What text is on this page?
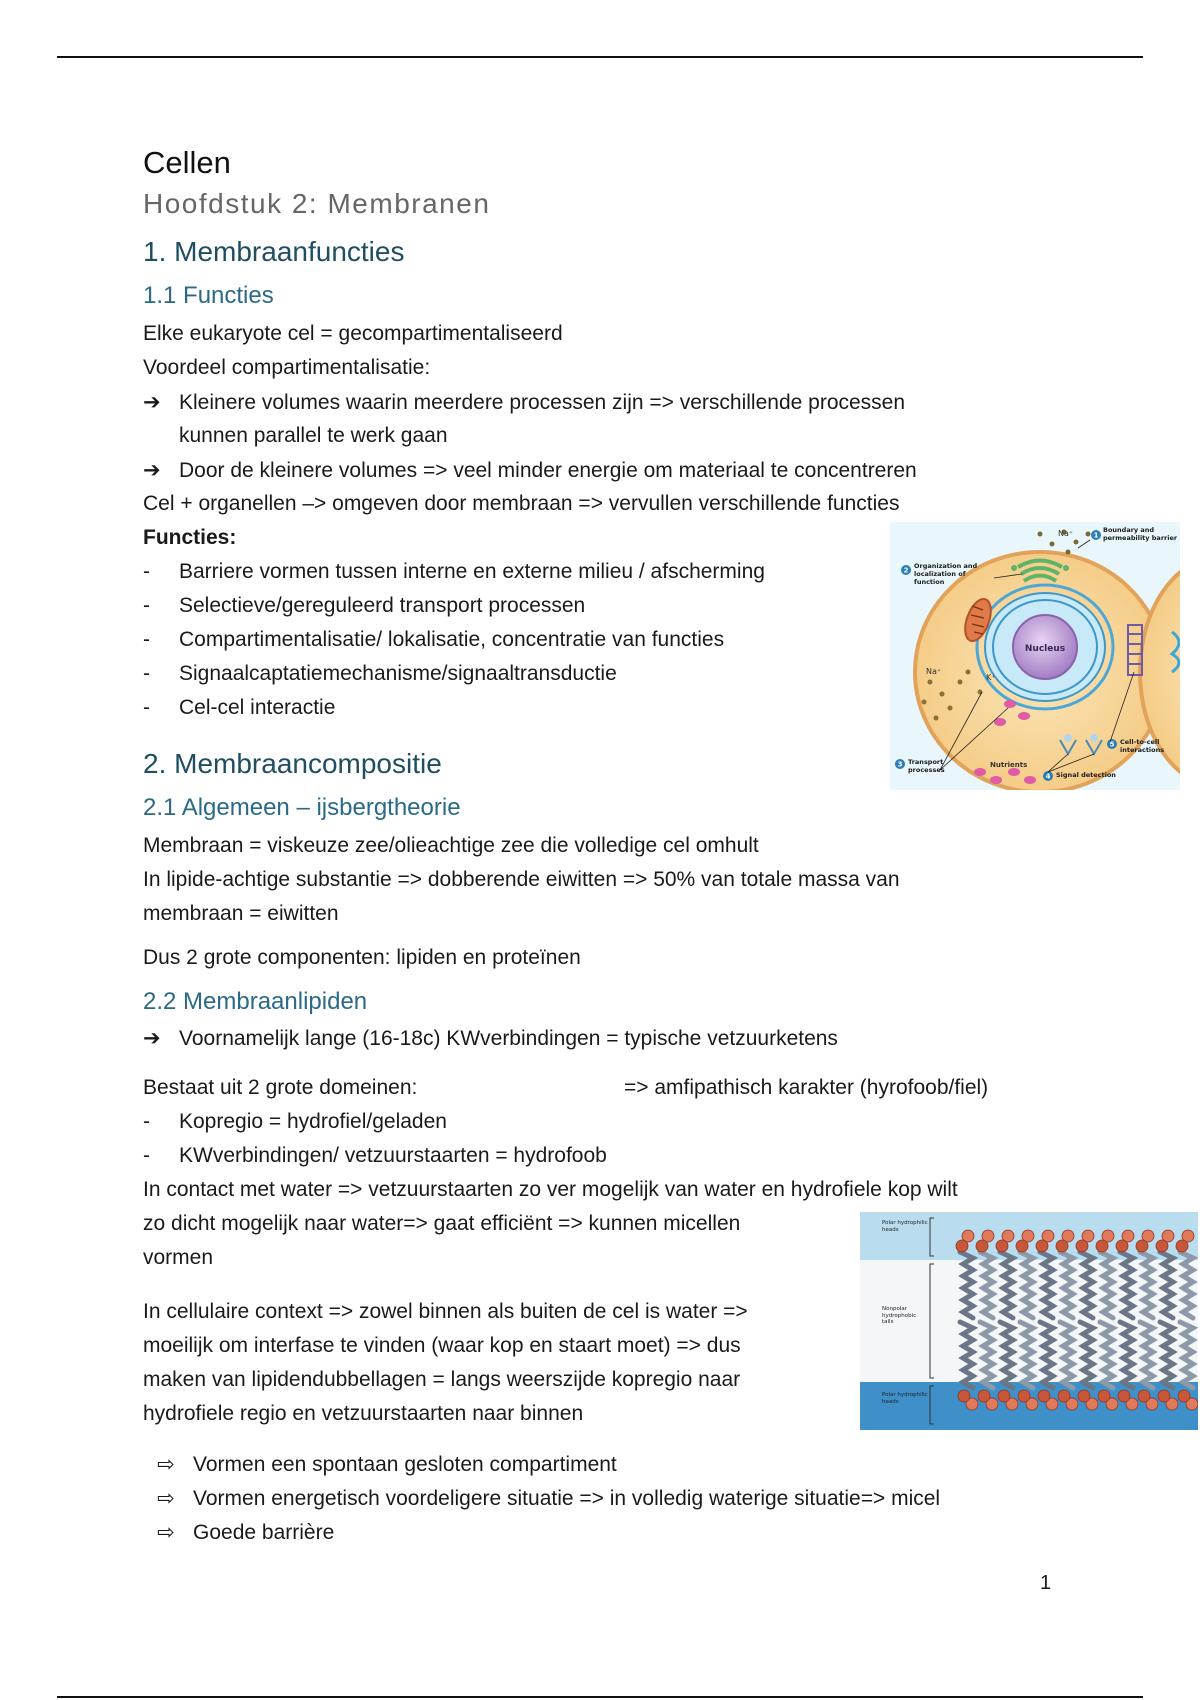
Cellen
Hoofdstuk 2: Membranen
1. Membraanfuncties
1.1 Functies
Elke eukaryote cel = gecompartimentaliseerd
Voordeel compartimentalisatie:
➔ Kleinere volumes waarin meerdere processen zijn => verschillende processen
kunnen parallel te werk gaan
➔ Door de kleinere volumes => veel minder energie om materiaal te concentreren
Cel + organellen –> omgeven door membraan => vervullen verschillende functies
Functies:
- Barriere vormen tussen interne en externe milieu / afscherming
- Selectieve/gereguleerd transport processen
- Compartimentalisatie/ lokalisatie, concentratie van functies
- Signaalcaptatiemechanisme/signaaltransductie
- Cel-cel interactie
Nucleus
Na⁺
Na⁺
K⁺
Nutrients
1
Boundary and permeability barrier
2
Organization and localization of function
3 Transport processes
4 Signal detection
5 Cell-to-cell interactions
2. Membraancompositie
2.1 Algemeen – ijsbergtheorie
Membraan = viskeuze zee/olieachtige zee die volledige cel omhult
In lipide-achtige substantie => dobberende eiwitten => 50% van totale massa van
membraan = eiwitten
Dus 2 grote componenten: lipiden en proteïnen
2.2 Membraanlipiden
➔ Voornamelijk lange (16-18c) KWverbindingen = typische vetzuurketens
Bestaat uit 2 grote domeinen:	=> amfipathisch karakter (hyrofoob/fiel)
- Kopregio = hydrofiel/geladen
- KWverbindingen/ vetzuurstaarten = hydrofoob
In contact met water => vetzuurstaarten zo ver mogelijk van water en hydrofiele kop wilt
zo dicht mogelijk naar water=> gaat efficiënt => kunnen micellen
vormen
In cellulaire context => zowel binnen als buiten de cel is water =>
moeilijk om interfase te vinden (waar kop en staart moet) => dus
maken van lipidendubbellagen = langs weerszijde kopregio naar
hydrofiele regio en vetzuurstaarten naar binnen
Polar hydrophilic heads
Nonpolar hydrophobic tails
Polar hydrophilic heads
⇨ Vormen een spontaan gesloten compartiment
⇨ Vormen energetisch voordeligere situatie => in volledig waterige situatie=> micel
⇨ Goede barrière
1
